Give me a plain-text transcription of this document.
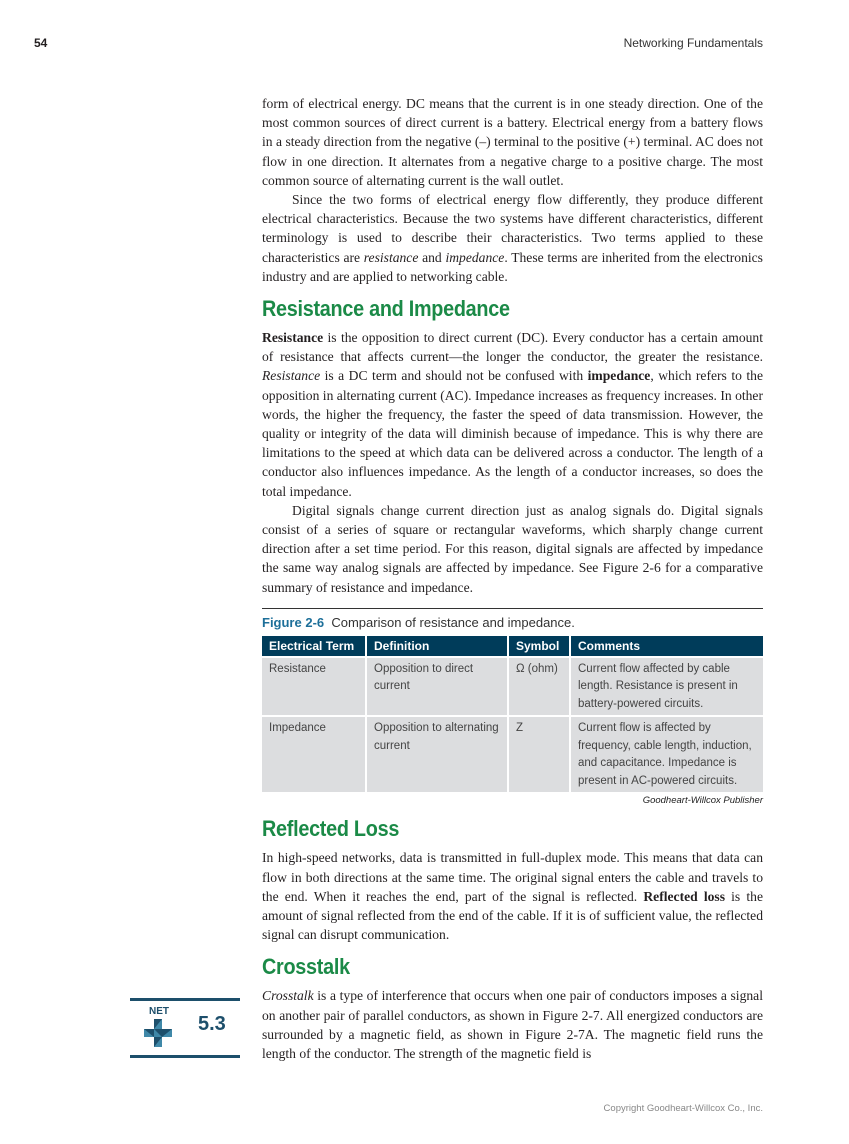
54	Networking Fundamentals

form of electrical energy. DC means that the current is in one steady direction. One of the most common sources of direct current is a battery. Electrical energy from a battery flows in a steady direction from the negative (–) terminal to the positive (+) terminal. AC does not flow in one direction. It alternates from a negative charge to a positive charge. The most common source of alternating current is the wall outlet.

Since the two forms of electrical energy flow differently, they produce different electrical characteristics. Because the two systems have different characteristics, different terminology is used to describe their characteristics. Two terms applied to these characteristics are resistance and impedance. These terms are inherited from the electronics industry and are applied to networking cable.

Resistance and Impedance

Resistance is the opposition to direct current (DC). Every conductor has a certain amount of resistance that affects current—the longer the conductor, the greater the resistance. Resistance is a DC term and should not be confused with impedance, which refers to the opposition in alternating current (AC). Impedance increases as frequency increases. In other words, the higher the frequency, the faster the speed of data transmission. However, the quality or integrity of the data will diminish because of impedance. This is why there are limitations to the speed at which data can be delivered across a conductor. The length of a conductor also influences impedance. As the length of a conductor increases, so does the total impedance.

Digital signals change current direction just as analog signals do. Digital signals consist of a series of square or rectangular waveforms, which sharply change current direction after a set time period. For this reason, digital signals are affected by impedance the same way analog signals are affected by impedance. See Figure 2-6 for a comparative summary of resistance and impedance.

Figure 2-6 Comparison of resistance and impedance.
Electrical Term	Definition	Symbol	Comments
Resistance	Opposition to direct current	Ω (ohm)	Current flow affected by cable length. Resistance is present in battery-powered circuits.
Impedance	Opposition to alternating current	Z	Current flow is affected by frequency, cable length, induction, and capacitance. Impedance is present in AC-powered circuits.
Goodheart-Willcox Publisher
Reflected Loss

In high-speed networks, data is transmitted in full-duplex mode. This means that data can flow in both directions at the same time. The original signal enters the cable and travels to the end. When it reaches the end, part of the signal is reflected. Reflected loss is the amount of signal reflected from the end of the cable. If it is of sufficient value, the reflected signal can disrupt communication.

Crosstalk

Crosstalk is a type of interference that occurs when one pair of conductors imposes a signal on another pair of parallel conductors, as shown in Figure 2-7. All energized conductors are surrounded by a magnetic field, as shown in Figure 2-7A. The magnetic field runs the length of the conductor. The strength of the magnetic field is

NET
5.3
Copyright Goodheart-Willcox Co., Inc.
